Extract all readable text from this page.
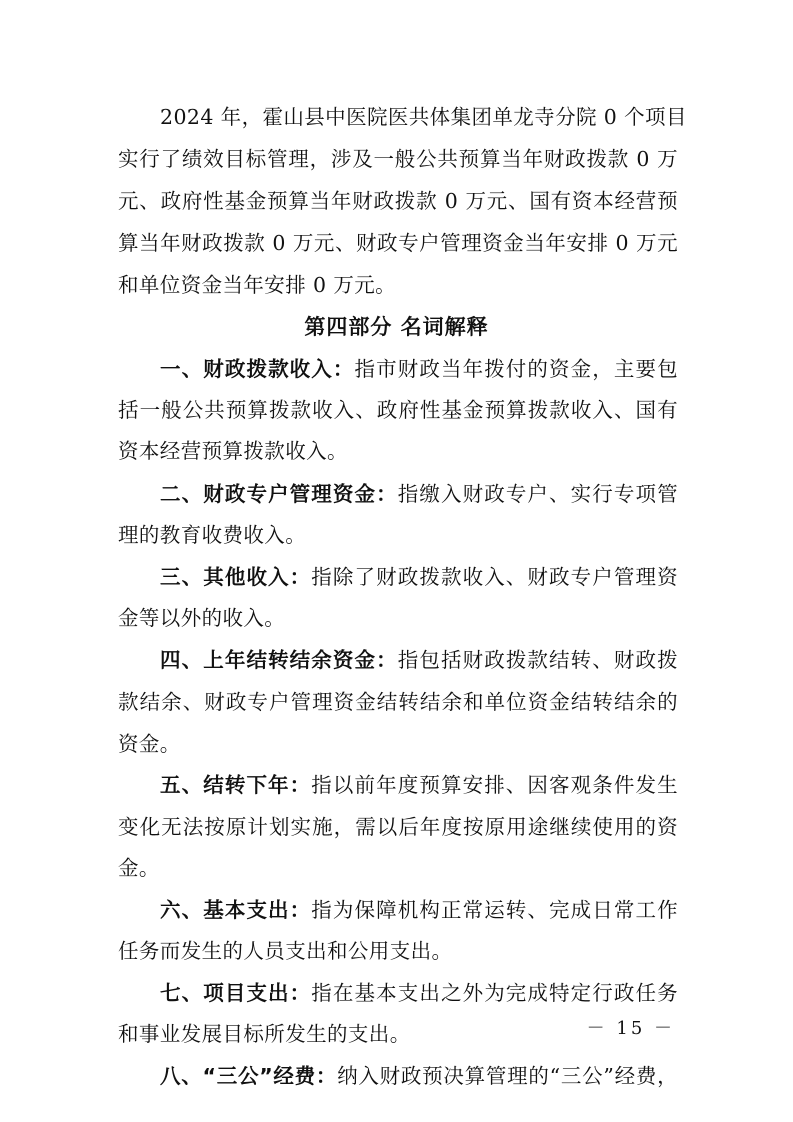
2024 年，霍山县中医院医共体集团单龙寺分院 0 个项目
实行了绩效目标管理，涉及一般公共预算当年财政拨款 0 万
元、政府性基金预算当年财政拨款 0 万元、国有资本经营预
算当年财政拨款 0 万元、财政专户管理资金当年安排 0 万元
和单位资金当年安排 0 万元。
第四部分 名词解释
一、财政拨款收入：指市财政当年拨付的资金，主要包
括一般公共预算拨款收入、政府性基金预算拨款收入、国有
资本经营预算拨款收入。
二、财政专户管理资金：指缴入财政专户、实行专项管
理的教育收费收入。
三、其他收入：指除了财政拨款收入、财政专户管理资
金等以外的收入。
四、上年结转结余资金：指包括财政拨款结转、财政拨
款结余、财政专户管理资金结转结余和单位资金结转结余的
资金。
五、结转下年：指以前年度预算安排、因客观条件发生
变化无法按原计划实施，需以后年度按原用途继续使用的资
金。
六、基本支出：指为保障机构正常运转、完成日常工作
任务而发生的人员支出和公用支出。
七、项目支出：指在基本支出之外为完成特定行政任务
和事业发展目标所发生的支出。
八、“三公”经费：纳入财政预决算管理的“三公”经费，
－ 15 －
